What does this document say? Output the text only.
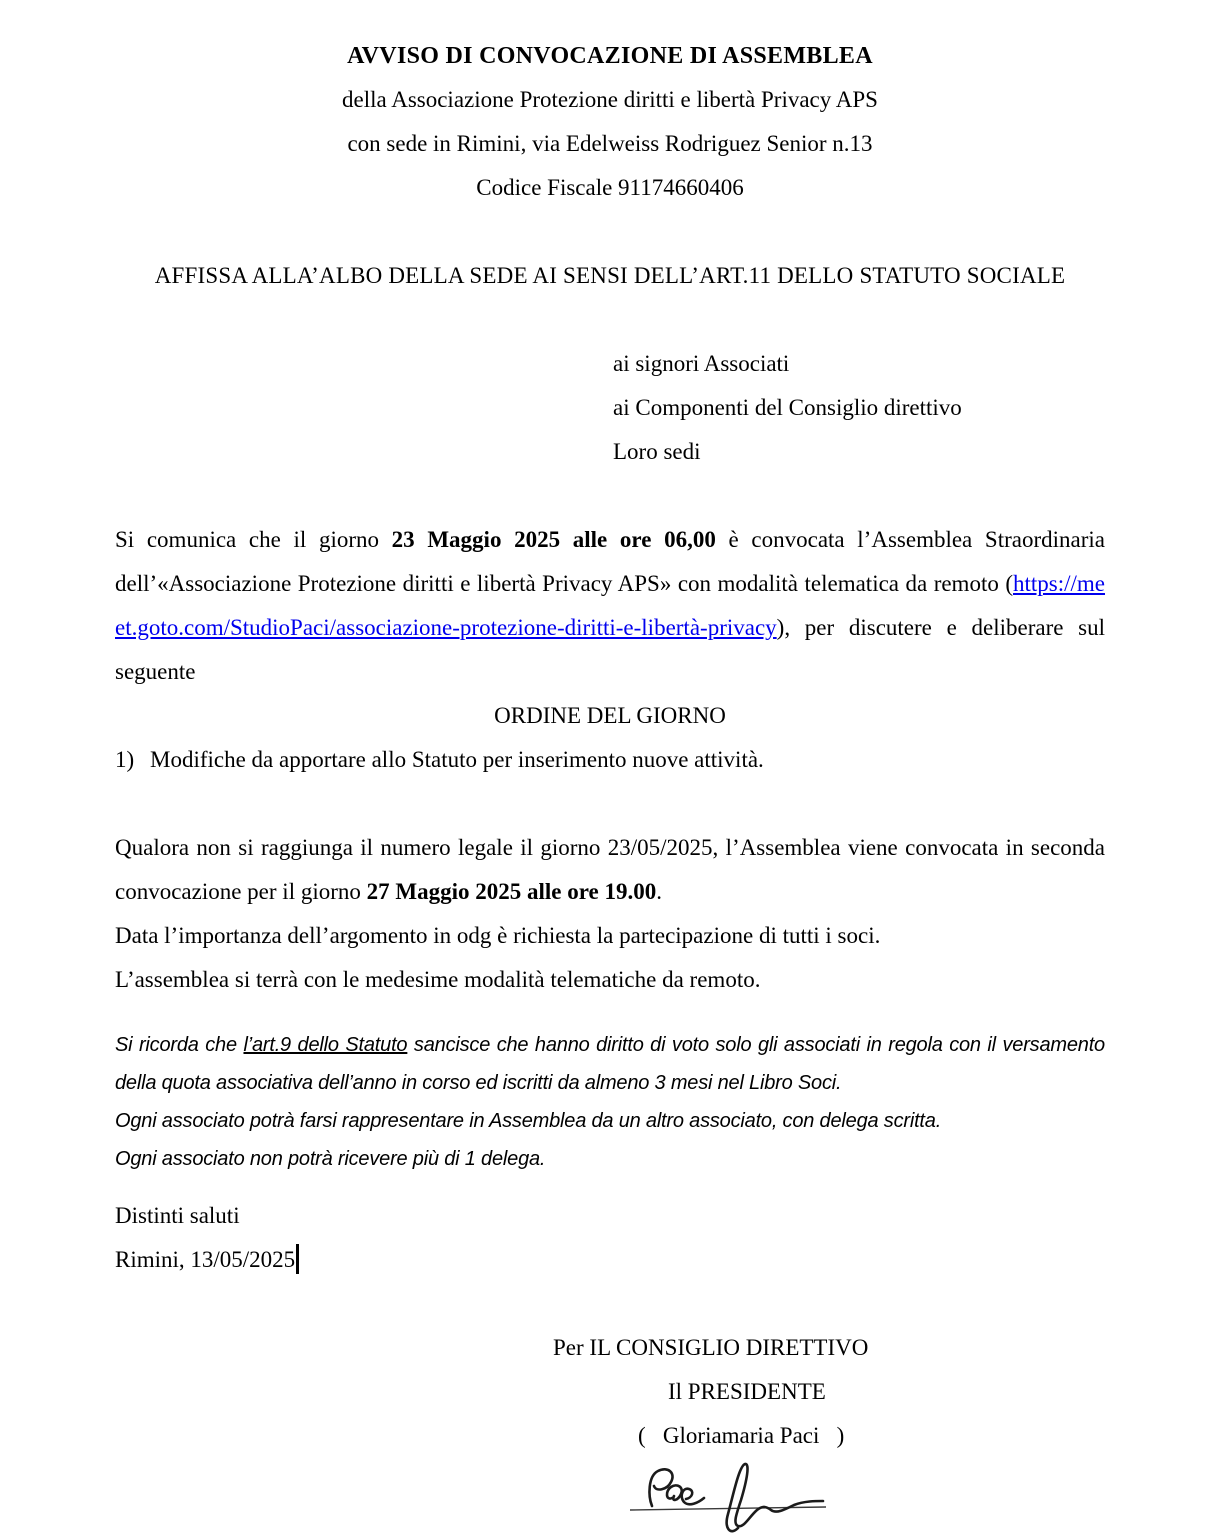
AVVISO DI CONVOCAZIONE DI ASSEMBLEA
della Associazione Protezione diritti e libertà Privacy APS
con sede in Rimini, via Edelweiss Rodriguez Senior n.13
Codice Fiscale 91174660406
AFFISSA ALLA’ALBO DELLA SEDE AI SENSI DELL’ART.11 DELLO STATUTO SOCIALE
ai signori Associati
ai Componenti del Consiglio direttivo
Loro sedi
Si comunica che il giorno 23 Maggio 2025 alle ore 06,00 è convocata l’Assemblea Straordinaria dell’«Associazione Protezione diritti e libertà Privacy APS» con modalità telematica da remoto (https://meet.goto.com/StudioPaci/associazione-protezione-diritti-e-libertà-privacy), per discutere e deliberare sul seguente
ORDINE DEL GIORNO
1) Modifiche da apportare allo Statuto per inserimento nuove attività.
Qualora non si raggiunga il numero legale il giorno 23/05/2025, l’Assemblea viene convocata in seconda convocazione per il giorno 27 Maggio 2025 alle ore 19.00.
Data l’importanza dell’argomento in odg è richiesta la partecipazione di tutti i soci.
L’assemblea si terrà con le medesime modalità telematiche da remoto.
Si ricorda che l’art.9 dello Statuto sancisce che hanno diritto di voto solo gli associati in regola con il versamento della quota associativa dell’anno in corso ed iscritti da almeno 3 mesi nel Libro Soci.
Ogni associato potrà farsi rappresentare in Assemblea da un altro associato, con delega scritta.
Ogni associato non potrà ricevere più di 1 delega.
Distinti saluti
Rimini, 13/05/2025
Per IL CONSIGLIO DIRETTIVO
Il PRESIDENTE
(   Gloriamaria Paci   )
